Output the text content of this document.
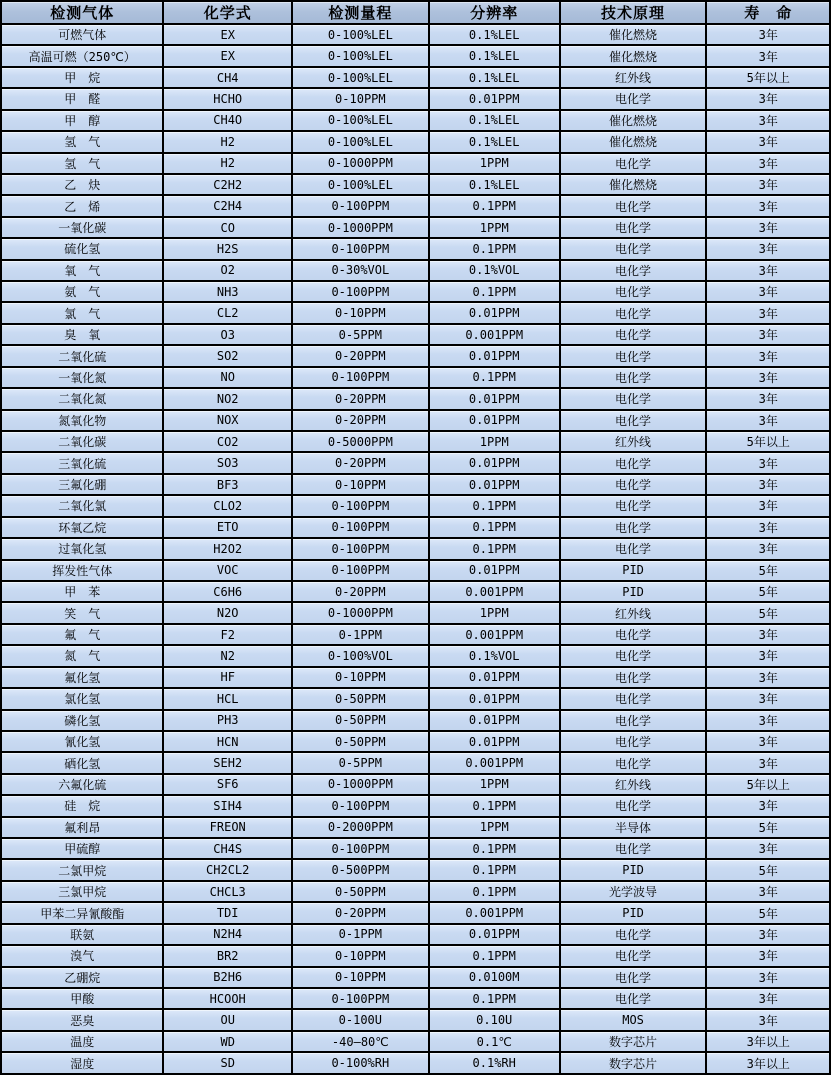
检测气体	化学式	检测量程	分辨率	技术原理	寿　命
可燃气体	EX	0-100%LEL	0.1%LEL	催化燃烧	3年
高温可燃（250℃）	EX	0-100%LEL	0.1%LEL	催化燃烧	3年
甲　烷	CH4	0-100%LEL	0.1%LEL	红外线	5年以上
甲　醛	HCHO	0-10PPM	0.01PPM	电化学	3年
甲　醇	CH4O	0-100%LEL	0.1%LEL	催化燃烧	3年
氢　气	H2	0-100%LEL	0.1%LEL	催化燃烧	3年
氢　气	H2	0-1000PPM	1PPM	电化学	3年
乙　炔	C2H2	0-100%LEL	0.1%LEL	催化燃烧	3年
乙　烯	C2H4	0-100PPM	0.1PPM	电化学	3年
一氧化碳	CO	0-1000PPM	1PPM	电化学	3年
硫化氢	H2S	0-100PPM	0.1PPM	电化学	3年
氧　气	O2	0-30%VOL	0.1%VOL	电化学	3年
氨　气	NH3	0-100PPM	0.1PPM	电化学	3年
氯　气	CL2	0-10PPM	0.01PPM	电化学	3年
臭　氧	O3	0-5PPM	0.001PPM	电化学	3年
二氧化硫	SO2	0-20PPM	0.01PPM	电化学	3年
一氧化氮	NO	0-100PPM	0.1PPM	电化学	3年
二氧化氮	NO2	0-20PPM	0.01PPM	电化学	3年
氮氧化物	NOX	0-20PPM	0.01PPM	电化学	3年
二氧化碳	CO2	0-5000PPM	1PPM	红外线	5年以上
三氧化硫	SO3	0-20PPM	0.01PPM	电化学	3年
三氟化硼	BF3	0-10PPM	0.01PPM	电化学	3年
二氧化氯	CLO2	0-100PPM	0.1PPM	电化学	3年
环氧乙烷	ETO	0-100PPM	0.1PPM	电化学	3年
过氧化氢	H2O2	0-100PPM	0.1PPM	电化学	3年
挥发性气体	VOC	0-100PPM	0.01PPM	PID	5年
甲　苯	C6H6	0-20PPM	0.001PPM	PID	5年
笑　气	N2O	0-1000PPM	1PPM	红外线	5年
氟　气	F2	0-1PPM	0.001PPM	电化学	3年
氮　气	N2	0-100%VOL	0.1%VOL	电化学	3年
氟化氢	HF	0-10PPM	0.01PPM	电化学	3年
氯化氢	HCL	0-50PPM	0.01PPM	电化学	3年
磷化氢	PH3	0-50PPM	0.01PPM	电化学	3年
氰化氢	HCN	0-50PPM	0.01PPM	电化学	3年
硒化氢	SEH2	0-5PPM	0.001PPM	电化学	3年
六氟化硫	SF6	0-1000PPM	1PPM	红外线	5年以上
硅　烷	SIH4	0-100PPM	0.1PPM	电化学	3年
氟利昂	FREON	0-2000PPM	1PPM	半导体	5年
甲硫醇	CH4S	0-100PPM	0.1PPM	电化学	3年
二氯甲烷	CH2CL2	0-500PPM	0.1PPM	PID	5年
三氯甲烷	CHCL3	0-50PPM	0.1PPM	光学波导	3年
甲苯二异氰酸酯	TDI	0-20PPM	0.001PPM	PID	5年
联氨	N2H4	0-1PPM	0.01PPM	电化学	3年
溴气	BR2	0-10PPM	0.1PPM	电化学	3年
乙硼烷	B2H6	0-10PPM	0.0100M	电化学	3年
甲酸	HCOOH	0-100PPM	0.1PPM	电化学	3年
恶臭	OU	0-100U	0.10U	MOS	3年
温度	WD	-40—80℃	0.1℃	数字芯片	3年以上
湿度	SD	0-100%RH	0.1%RH	数字芯片	3年以上
